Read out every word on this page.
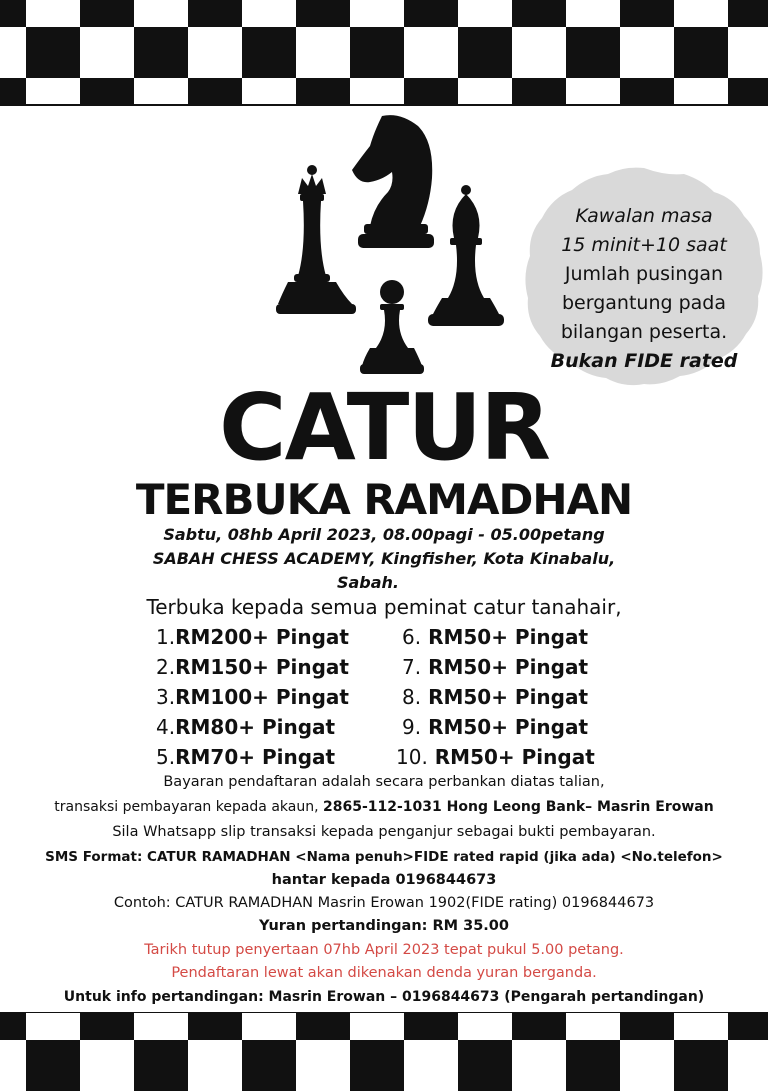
Kawalan masa
15 minit+10 saat
Jumlah pusingan
bergantung pada
bilangan peserta.
Bukan FIDE rated
CATUR
TERBUKA RAMADHAN
Sabtu, 08hb April 2023, 08.00pagi - 05.00petang
SABAH CHESS ACADEMY, Kingfisher, Kota Kinabalu,
Sabah.
Terbuka kepada semua peminat catur tanahair,
1.RM200+ Pingat
2.RM150+ Pingat
3.RM100+ Pingat
4.RM80+ Pingat
5.RM70+ Pingat
6. RM50+ Pingat
7. RM50+ Pingat
8. RM50+ Pingat
9. RM50+ Pingat
10. RM50+ Pingat
Bayaran pendaftaran adalah secara perbankan diatas talian,
transaksi pembayaran kepada akaun, 2865-112-1031 Hong Leong Bank– Masrin Erowan
Sila Whatsapp slip transaksi kepada penganjur sebagai bukti pembayaran.
SMS Format: CATUR RAMADHAN <Nama penuh>FIDE rated rapid (jika ada) <No.telefon>
hantar kepada 0196844673
Contoh: CATUR RAMADHAN Masrin Erowan 1902(FIDE rating) 0196844673
Yuran pertandingan: RM 35.00
Tarikh tutup penyertaan 07hb April 2023 tepat pukul 5.00 petang.
Pendaftaran lewat akan dikenakan denda yuran berganda.
Untuk info pertandingan: Masrin Erowan – 0196844673 (Pengarah pertandingan)
